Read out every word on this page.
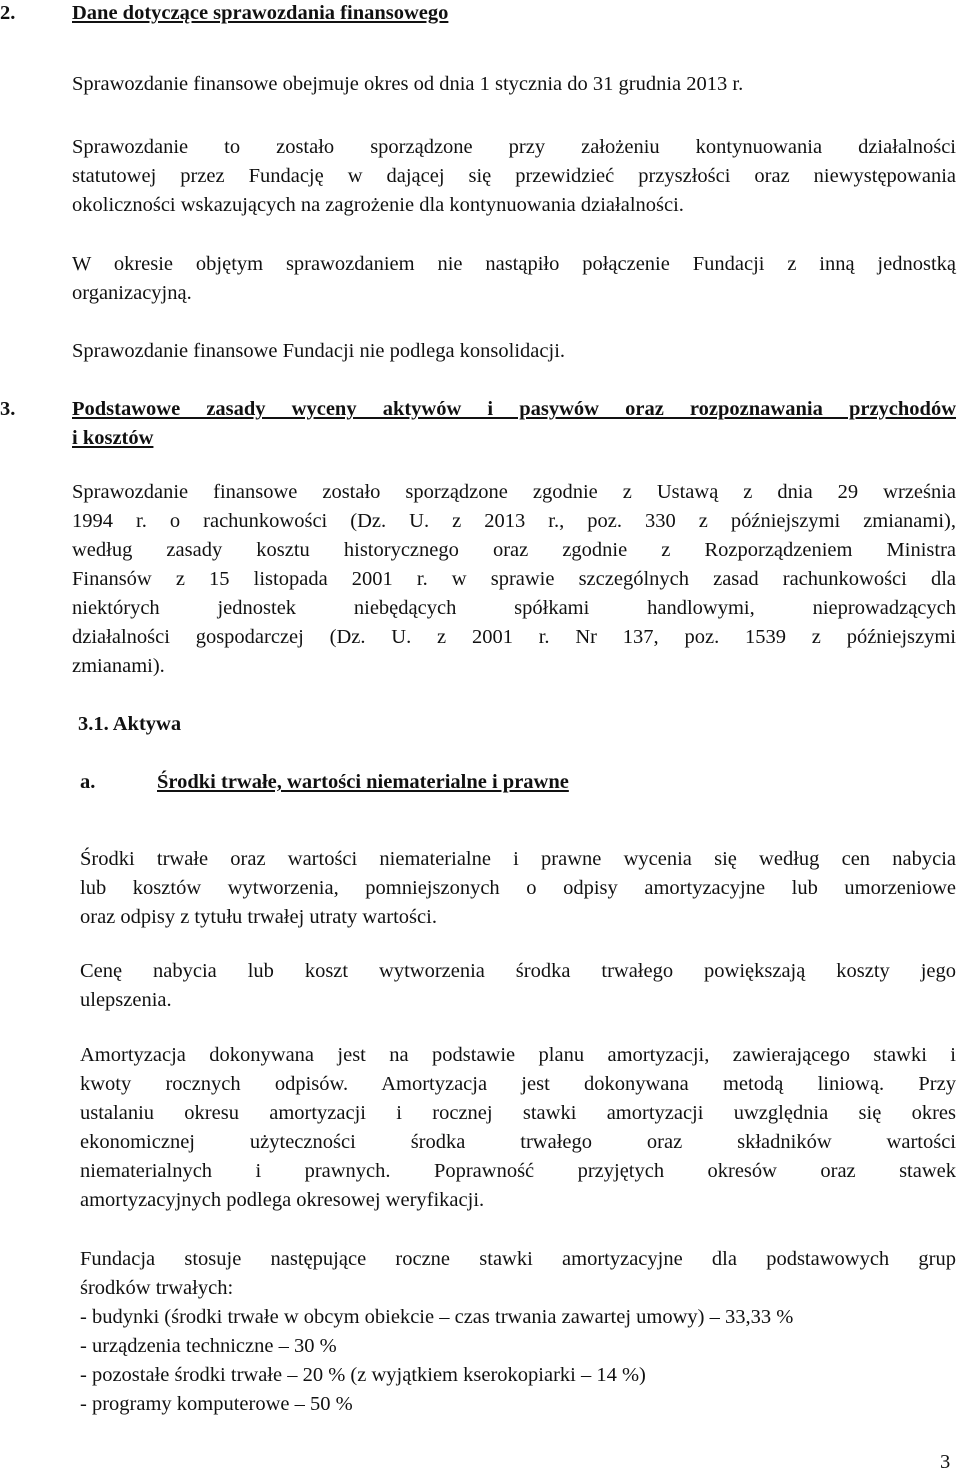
2.	Dane dotyczące sprawozdania finansowego
Sprawozdanie finansowe obejmuje okres od dnia 1 stycznia do 31 grudnia 2013 r.
Sprawozdanie to zostało sporządzone przy założeniu kontynuowania działalności
statutowej przez Fundację w dającej się przewidzieć przyszłości oraz niewystępowania
okoliczności wskazujących na zagrożenie dla kontynuowania działalności.
W okresie objętym sprawozdaniem nie nastąpiło połączenie Fundacji z inną jednostką
organizacyjną.
Sprawozdanie finansowe Fundacji nie podlega konsolidacji.
3.	Podstawowe zasady wyceny aktywów i pasywów oraz rozpoznawania przychodów
i kosztów
Sprawozdanie finansowe zostało sporządzone zgodnie z Ustawą z dnia 29 września
1994 r. o rachunkowości (Dz. U. z 2013 r., poz. 330 z późniejszymi zmianami),
według zasady kosztu historycznego oraz zgodnie z Rozporządzeniem Ministra
Finansów z 15 listopada 2001 r. w sprawie szczególnych zasad rachunkowości dla
niektórych jednostek niebędących spółkami handlowymi, nieprowadzących
działalności gospodarczej (Dz. U. z 2001 r. Nr 137, poz. 1539 z późniejszymi
zmianami).
3.1. Aktywa
a.	Środki trwałe, wartości niematerialne i prawne
Środki trwałe oraz wartości niematerialne i prawne wycenia się według cen nabycia
lub kosztów wytworzenia, pomniejszonych o odpisy amortyzacyjne lub umorzeniowe
oraz odpisy z tytułu trwałej utraty wartości.
Cenę nabycia lub koszt wytworzenia środka trwałego powiększają koszty jego
ulepszenia.
Amortyzacja dokonywana jest na podstawie planu amortyzacji, zawierającego stawki i
kwoty rocznych odpisów. Amortyzacja jest dokonywana metodą liniową. Przy
ustalaniu okresu amortyzacji i rocznej stawki amortyzacji uwzględnia się okres
ekonomicznej użyteczności środka trwałego oraz składników wartości
niematerialnych i prawnych. Poprawność przyjętych okresów oraz stawek
amortyzacyjnych podlega okresowej weryfikacji.
Fundacja stosuje następujące roczne stawki amortyzacyjne dla podstawowych grup
środków trwałych:
- budynki (środki trwałe w obcym obiekcie – czas trwania zawartej umowy) – 33,33 %
- urządzenia techniczne – 30 %
- pozostałe środki trwałe – 20 % (z wyjątkiem kserokopiarki – 14 %)
- programy komputerowe – 50 %
3
